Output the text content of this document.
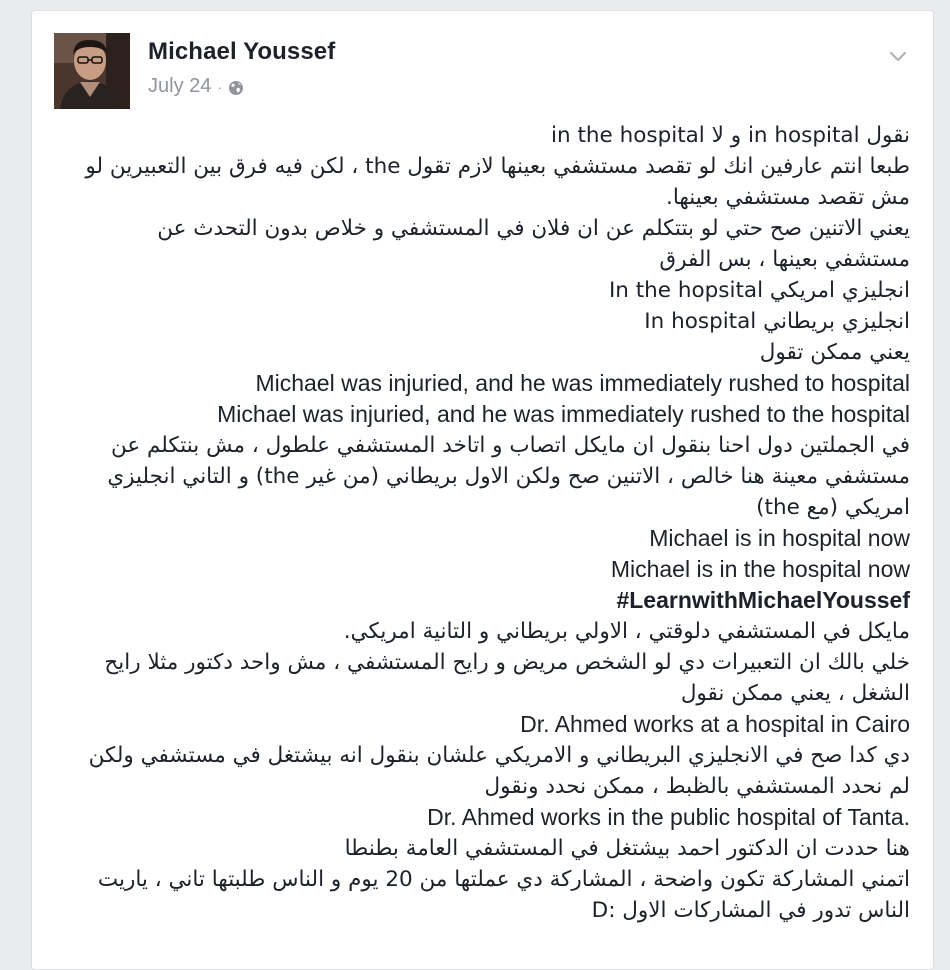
Michael Youssef
July 24 ·
نقول in hospital و لا in the hospital
طبعا انتم عارفين انك لو تقصد مستشفي بعينها لازم تقول the ، لكن فيه فرق بين التعبيرين لو مش تقصد مستشفي بعينها.
يعني الاتنين صح حتي لو بتتكلم عن ان فلان في المستشفي و خلاص بدون التحدث عن مستشفي بعينها ، بس الفرق
انجليزي امريكي In the hopsital
انجليزي بريطاني In hospital
يعني ممكن تقول
Michael was injuried, and he was immediately rushed to hospital
Michael was injuried, and he was immediately rushed to the hospital
في الجملتين دول احنا بنقول ان مايكل اتصاب و اتاخد المستشفي علطول ، مش بنتكلم عن مستشفي معينة هنا خالص ، الاتنين صح ولكن الاول بريطاني (من غير the) و التاني انجليزي امريكي (مع the)
Michael is in hospital now
Michael is in the hospital now
#LearnwithMichaelYoussef
مايكل في المستشفي دلوقتي ، الاولي بريطاني و التانية امريكي.
خلي بالك ان التعبيرات دي لو الشخص مريض و رايح المستشفي ، مش واحد دكتور مثلا رايح الشغل ، يعني ممكن نقول
Dr. Ahmed works at a hospital in Cairo
دي كدا صح في الانجليزي البريطاني و الامريكي علشان بنقول انه بيشتغل في مستشفي ولكن لم نحدد المستشفي بالظبط ، ممكن نحدد ونقول
Dr. Ahmed works in the public hospital of Tanta.
هنا حددت ان الدكتور احمد بيشتغل في المستشفي العامة بطنطا
اتمني المشاركة تكون واضحة ، المشاركة دي عملتها من 20 يوم و الناس طلبتها تاني ، ياريت الناس تدور في المشاركات الاول :D
